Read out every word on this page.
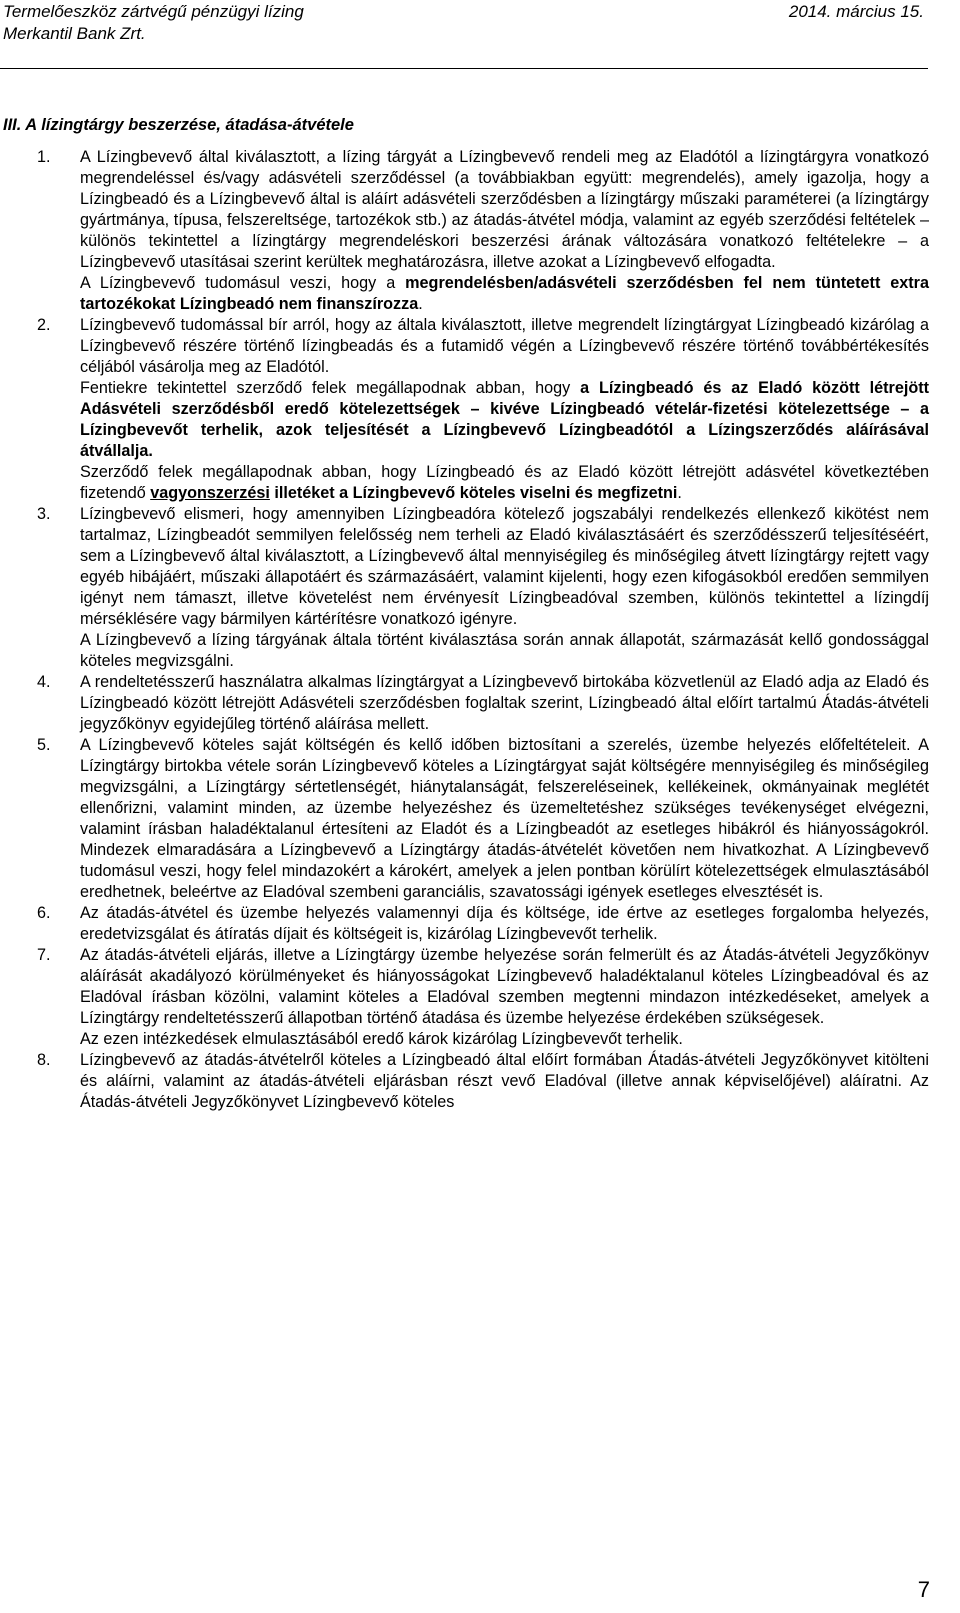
Termelőeszköz zártvégű pénzügyi lízing	2014. március 15.
Merkantil Bank Zrt.
III. A lízingtárgy beszerzése, átadása-átvétele
1. A Lízingbevevő által kiválasztott, a lízing tárgyát a Lízingbevevő rendeli meg az Eladótól a lízingtárgyra vonatkozó megrendeléssel és/vagy adásvételi szerződéssel (a továbbiakban együtt: megrendelés), amely igazolja, hogy a Lízingbeadó és a Lízingbevevő által is aláírt adásvételi szerződésben a lízingtárgy műszaki paraméterei (a lízingtárgy gyártmánya, típusa, felszereltsége, tartozékok stb.) az átadás-átvétel módja, valamint az egyéb szerződési feltételek – különös tekintettel a lízingtárgy megrendeléskori beszerzési árának változására vonatkozó feltételekre – a Lízingbevevő utasításai szerint kerültek meghatározásra, illetve azokat a Lízingbevevő elfogadta.

A Lízingbevevő tudomásul veszi, hogy a megrendelésben/adásvételi szerződésben fel nem tüntetett extra tartozékokat Lízingbeadó nem finanszírozza.

2. Lízingbevevő tudomással bír arról, hogy az általa kiválasztott, illetve megrendelt lízingtárgyat Lízingbeadó kizárólag a Lízingbevevő részére történő lízingbeadás és a futamidő végén a Lízingbevevő részére történő továbbértékesítés céljából vásárolja meg az Eladótól.

Fentiekre tekintettel szerződő felek megállapodnak abban, hogy a Lízingbeadó és az Eladó között létrejött Adásvételi szerződésből eredő kötelezettségek – kivéve Lízingbeadó vételár-fizetési kötelezettsége – a Lízingbevevőt terhelik, azok teljesítését a Lízingbevevő Lízingbeadótól a Lízingszerződés aláírásával átvállalja.

Szerződő felek megállapodnak abban, hogy Lízingbeadó és az Eladó között létrejött adásvétel következtében fizetendő vagyonszerzési illetéket a Lízingbevevő köteles viselni és megfizetni.

3. Lízingbevevő elismeri, hogy amennyiben Lízingbeadóra kötelező jogszabályi rendelkezés ellenkező kikötést nem tartalmaz, Lízingbeadót semmilyen felelősség nem terheli az Eladó kiválasztásáért és szerződésszerű teljesítéséért, sem a Lízingbevevő által kiválasztott, a Lízingbevevő által mennyiségileg és minőségileg átvett lízingtárgy rejtett vagy egyéb hibájáért, műszaki állapotáért és származásáért, valamint kijelenti, hogy ezen kifogásokból eredően semmilyen igényt nem támaszt, illetve követelést nem érvényesít Lízingbeadóval szemben, különös tekintettel a lízingdíj mérséklésére vagy bármilyen kártérítésre vonatkozó igényre.

A Lízingbevevő a lízing tárgyának általa történt kiválasztása során annak állapotát, származását kellő gondossággal köteles megvizsgálni.

4. A rendeltetésszerű használatra alkalmas lízingtárgyat a Lízingbevevő birtokába közvetlenül az Eladó adja az Eladó és Lízingbeadó között létrejött Adásvételi szerződésben foglaltak szerint, Lízingbeadó által előírt tartalmú Átadás-átvételi jegyzőkönyv egyidejűleg történő aláírása mellett.

5. A Lízingbevevő köteles saját költségén és kellő időben biztosítani a szerelés, üzembe helyezés előfeltételeit. A Lízingtárgy birtokba vétele során Lízingbevevő köteles a Lízingtárgyat saját költségére mennyiségileg és minőségileg megvizsgálni, a Lízingtárgy sértetlenségét, hiánytalanságát, felszereléseinek, kellékeinek, okmányainak meglétét ellenőrizni, valamint minden, az üzembe helyezéshez és üzemeltetéshez szükséges tevékenységet elvégezni, valamint írásban haladéktalanul értesíteni az Eladót és a Lízingbeadót az esetleges hibákról és hiányosságokról. Mindezek elmaradására a Lízingbevevő a Lízingtárgy átadás-átvételét követően nem hivatkozhat. A Lízingbevevő tudomásul veszi, hogy felel mindazokért a károkért, amelyek a jelen pontban körülírt kötelezettségek elmulasztásából eredhetnek, beleértve az Eladóval szembeni garanciális, szavatossági igények esetleges elvesztését is.

6. Az átadás-átvétel és üzembe helyezés valamennyi díja és költsége, ide értve az esetleges forgalomba helyezés, eredetvizsgálat és átíratás díjait és költségeit is, kizárólag Lízingbevevőt terhelik.

7. Az átadás-átvételi eljárás, illetve a Lízingtárgy üzembe helyezése során felmerült és az Átadás-átvételi Jegyzőkönyv aláírását akadályozó körülményeket és hiányosságokat Lízingbevevő haladéktalanul köteles Lízingbeadóval és az Eladóval írásban közölni, valamint köteles a Eladóval szemben megtenni mindazon intézkedéseket, amelyek a Lízingtárgy rendeltetésszerű állapotban történő átadása és üzembe helyezése érdekében szükségesek.

Az ezen intézkedések elmulasztásából eredő károk kizárólag Lízingbevevőt terhelik.

8. Lízingbevevő az átadás-átvételről köteles a Lízingbeadó által előírt formában Átadás-átvételi Jegyzőkönyvet kitölteni és aláírni, valamint az átadás-átvételi eljárásban részt vevő Eladóval (illetve annak képviselőjével) aláíratni. Az Átadás-átvételi Jegyzőkönyvet Lízingbevevő köteles

7
